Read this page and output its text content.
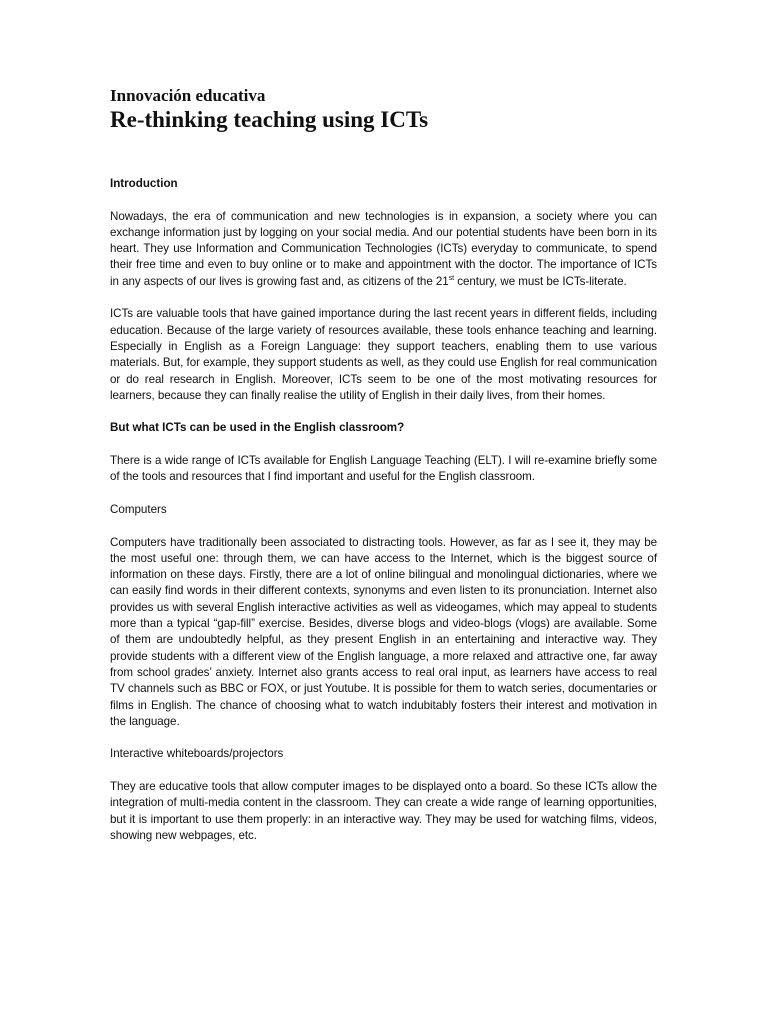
Innovación educativa
Re-thinking teaching using ICTs

Introduction

Nowadays, the era of communication and new technologies is in expansion, a society where you can exchange information just by logging on your social media. And our potential students have been born in its heart. They use Information and Communication Technologies (ICTs) everyday to communicate, to spend their free time and even to buy online or to make and appointment with the doctor. The importance of ICTs in any aspects of our lives is growing fast and, as citizens of the 21st century, we must be ICTs-literate.

ICTs are valuable tools that have gained importance during the last recent years in different fields, including education. Because of the large variety of resources available, these tools enhance teaching and learning. Especially in English as a Foreign Language: they support teachers, enabling them to use various materials. But, for example, they support students as well, as they could use English for real communication or do real research in English. Moreover, ICTs seem to be one of the most motivating resources for learners, because they can finally realise the utility of English in their daily lives, from their homes.

But what ICTs can be used in the English classroom?

There is a wide range of ICTs available for English Language Teaching (ELT). I will re-examine briefly some of the tools and resources that I find important and useful for the English classroom.

Computers

Computers have traditionally been associated to distracting tools. However, as far as I see it, they may be the most useful one: through them, we can have access to the Internet, which is the biggest source of information on these days. Firstly, there are a lot of online bilingual and monolingual dictionaries, where we can easily find words in their different contexts, synonyms and even listen to its pronunciation. Internet also provides us with several English interactive activities as well as videogames, which may appeal to students more than a typical “gap-fill” exercise. Besides, diverse blogs and video-blogs (vlogs) are available. Some of them are undoubtedly helpful, as they present English in an entertaining and interactive way. They provide students with a different view of the English language, a more relaxed and attractive one, far away from school grades’ anxiety. Internet also grants access to real oral input, as learners have access to real TV channels such as BBC or FOX, or just Youtube. It is possible for them to watch series, documentaries or films in English. The chance of choosing what to watch indubitably fosters their interest and motivation in the language.

Interactive whiteboards/projectors

They are educative tools that allow computer images to be displayed onto a board. So these ICTs allow the integration of multi-media content in the classroom. They can create a wide range of learning opportunities, but it is important to use them properly: in an interactive way. They may be used for watching films, videos, showing new webpages, etc.
